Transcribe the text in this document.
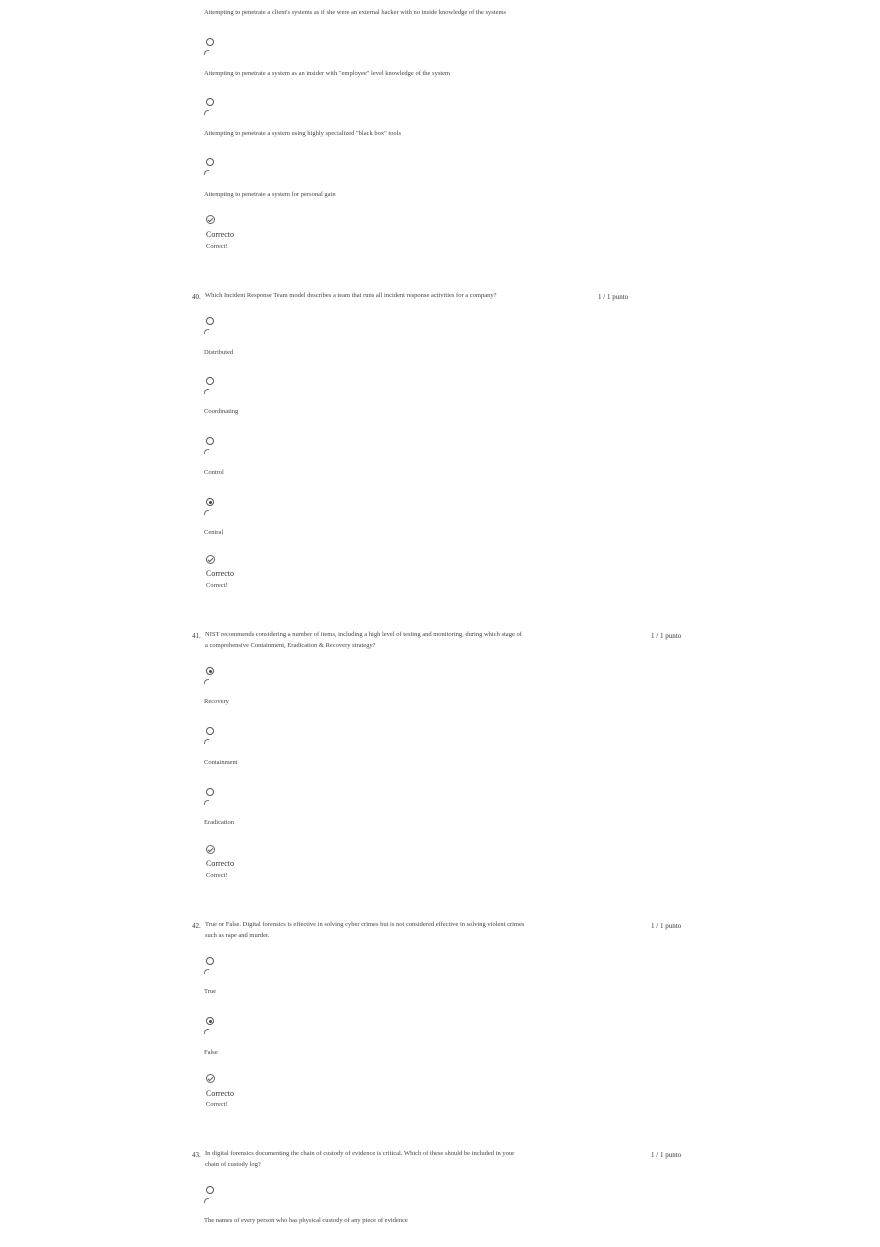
Attempting to penetrate a client's systems as if she were an external hacker with no inside knowledge of the systems
Attempting to penetrate a system as an insider with "employee" level knowledge of the system
Attempting to penetrate a system using highly specialized "black box" tools
Attempting to penetrate a system for personal gain
Correcto
Correct!
40. Which Incident Response Team model describes a team that runs all incident response activities for a company?	1 / 1 punto
Distributed
Coordinating
Control
Central
Correcto
Correct!
41. NIST recommends considering a number of items, including a high level of testing and monitoring, during which stage of
a comprehensive Containment, Eradication & Recovery strategy?
1 / 1 punto
Recovery
Containment
Eradication
Correcto
Correct!
42. True or False. Digital forensics is effective in solving cyber crimes but is not considered effective in solving violent crimes
such as rape and murder.
1 / 1 punto
True
False
Correcto
Correct!
43. In digital forensics documenting the chain of custody of evidence is critical. Which of these should be included in your
chain of custody log?
1 / 1 punto
The names of every person who has physical custody of any piece of evidence
